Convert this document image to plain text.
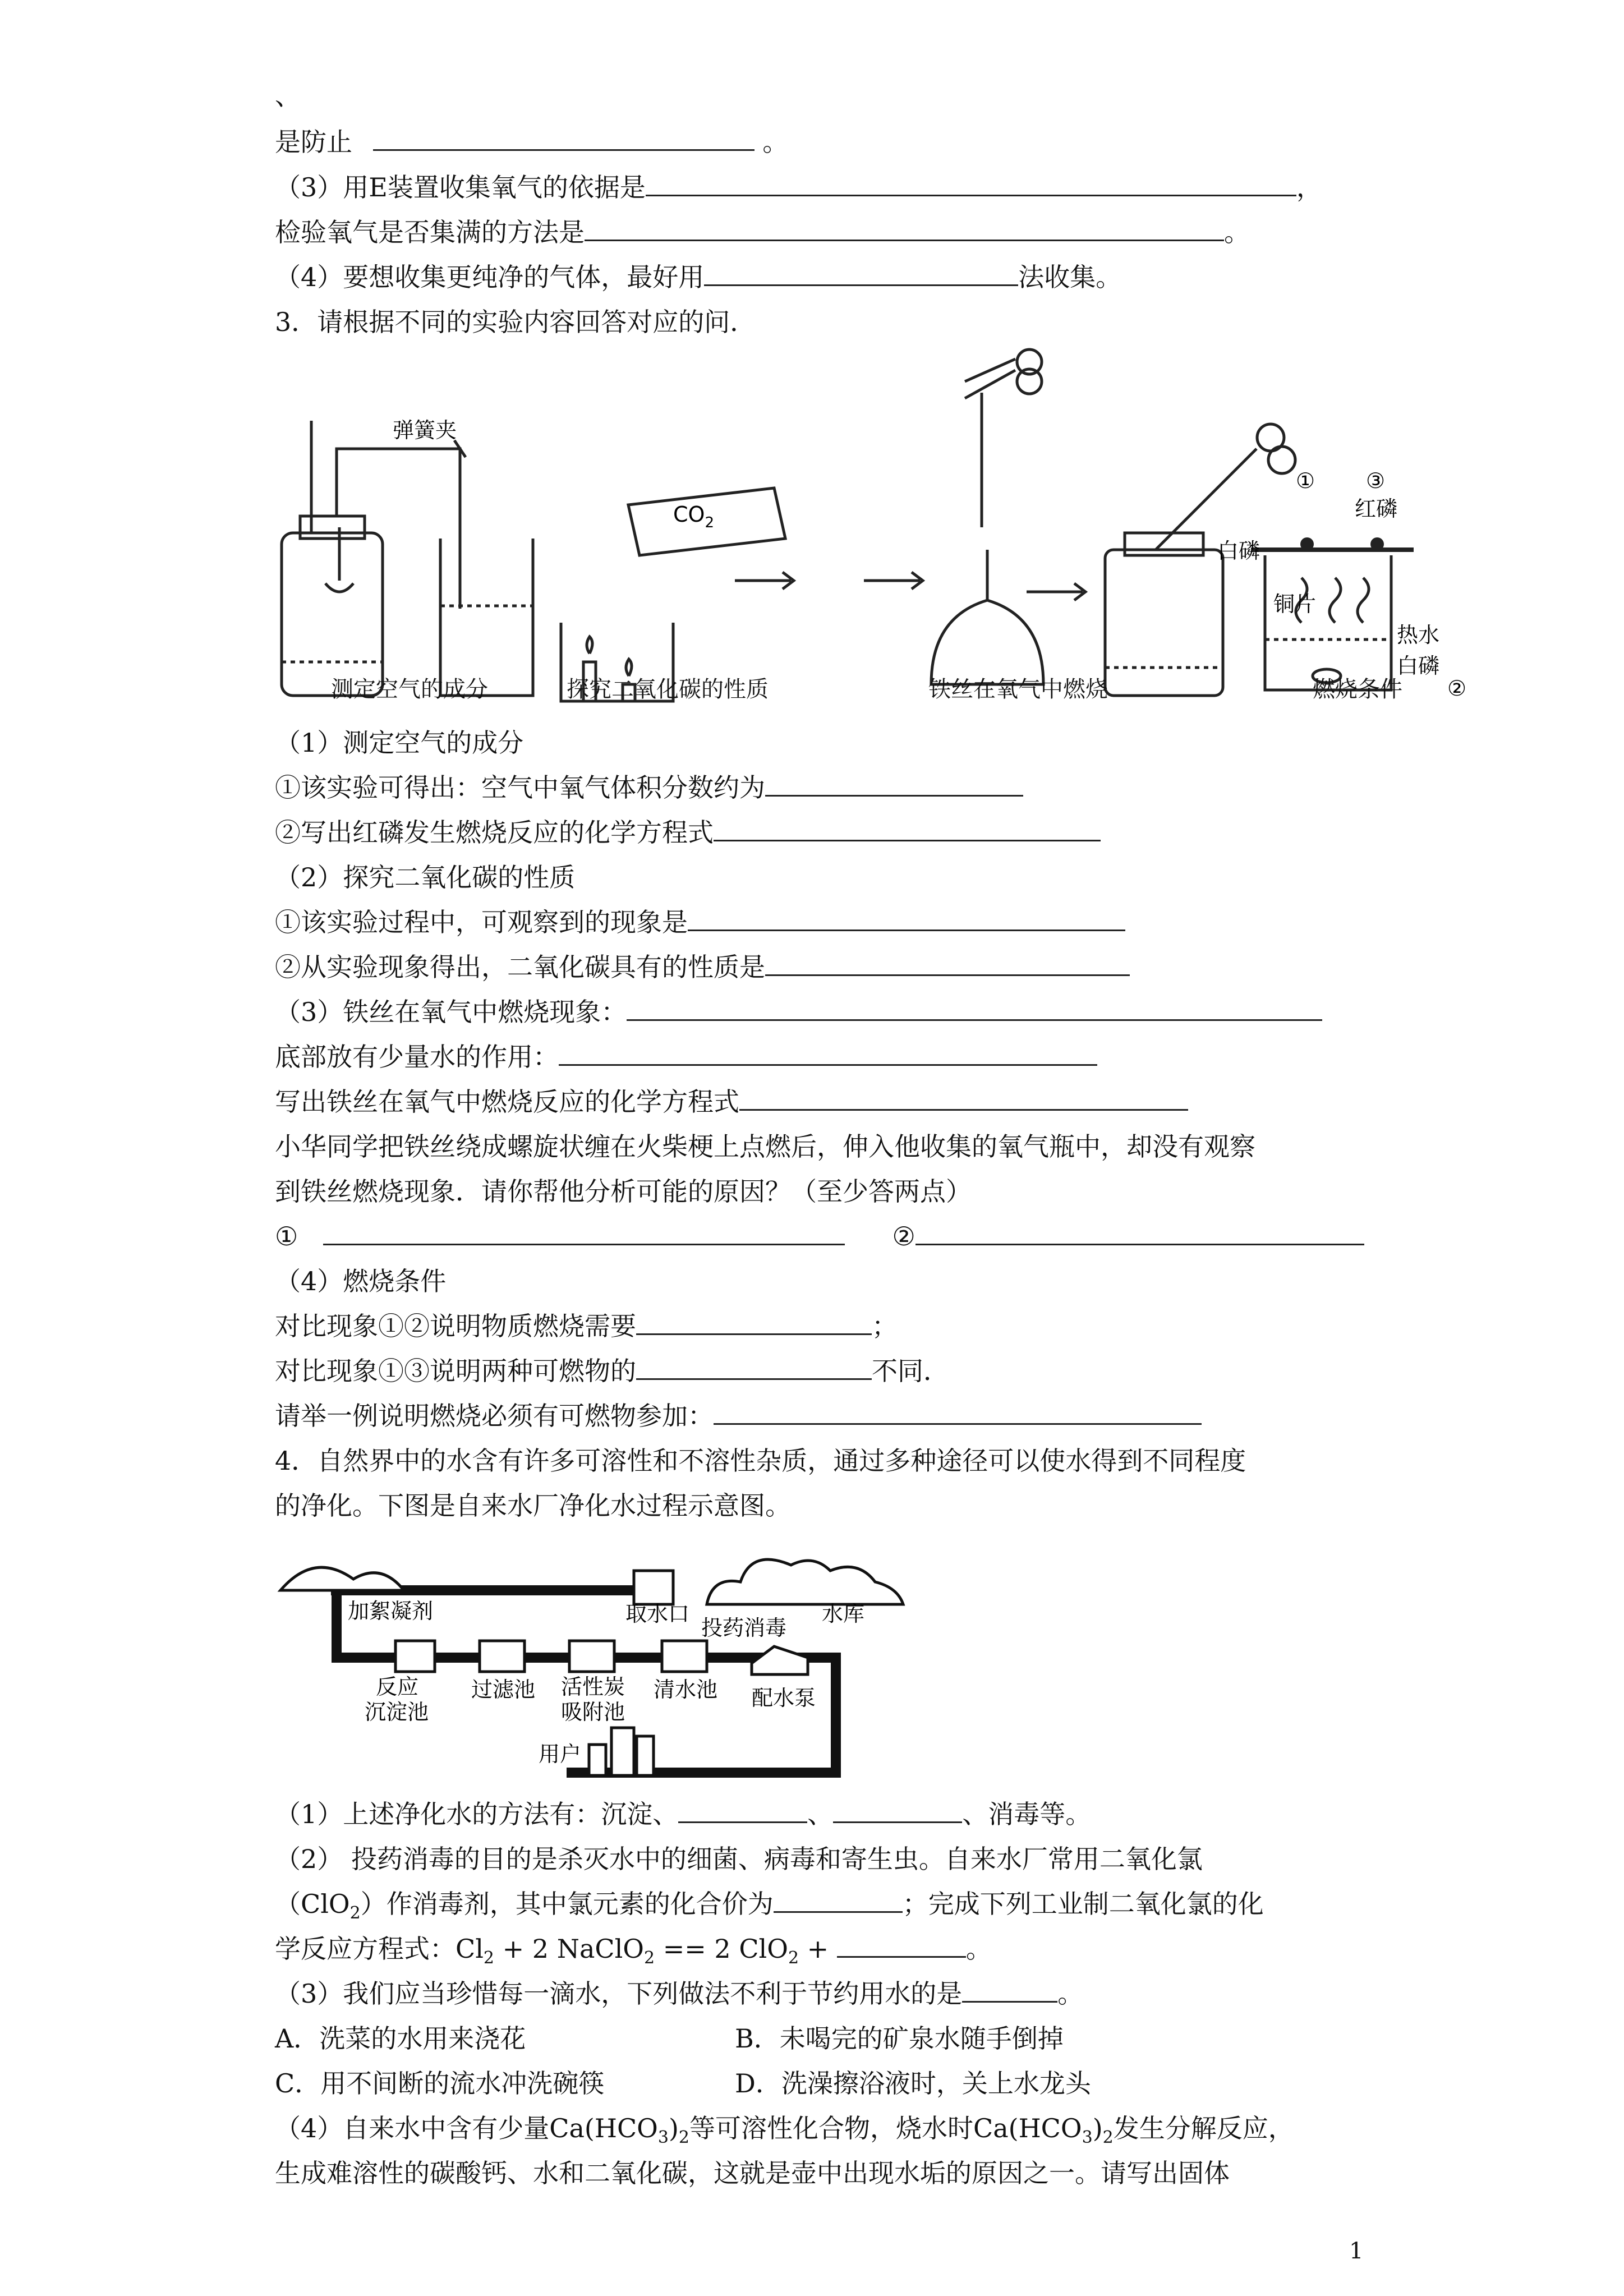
、
是防止	。
（3）用E装置收集氧气的依据是	，
检验氧气是否集满的方法是	。
（4）要想收集更纯净的气体，最好用	法收集。
3．请根据不同的实验内容回答对应的问．
弹簧夹
$CO_2$
① ③
红磷
白磷
铜片
热水
白磷
②
测定空气的成分	探究二氧化碳的性质	铁丝在氧气中燃烧	燃烧条件
（1）测定空气的成分
①该实验可得出：空气中氧气体积分数约为
②写出红磷发生燃烧反应的化学方程式
（2）探究二氧化碳的性质
①该实验过程中，可观察到的现象是
②从实验现象得出，二氧化碳具有的性质是
（3）铁丝在氧气中燃烧现象：
底部放有少量水的作用：
写出铁丝在氧气中燃烧反应的化学方程式
小华同学把铁丝绕成螺旋状缠在火柴梗上点燃后，伸入他收集的氧气瓶中，却没有观察
到铁丝燃烧现象．请你帮他分析可能的原因？（至少答两点）
①	②
（4）燃烧条件
对比现象①②说明物质燃烧需要	；
对比现象①③说明两种可燃物的	不同．
请举一例说明燃烧必须有可燃物参加：
4．自然界中的水含有许多可溶性和不溶性杂质，通过多种途径可以使水得到不同程度
的净化。下图是自来水厂净化水过程示意图。
加絮凝剂	取水口	水库
投药消毒
反应
沉淀池
过滤池 活性炭
吸附池
清水池 配水泵
用户
（1）上述净化水的方法有：沉淀、	、	、消毒等。
（2） 投药消毒的目的是杀灭水中的细菌、病毒和寄生虫。自来水厂常用二氧化氯
（ClO$_2$）作消毒剂，其中氯元素的化合价为	；完成下列工业制二氧化氯的化
学反应方程式：$Cl_2 + 2$ NaClO$_2$ == 2 ClO$_2$ +	。
（3）我们应当珍惜每一滴水，下列做法不利于节约用水的是	。
A．洗菜的水用来浇花	B．未喝完的矿泉水随手倒掉
C．用不间断的流水冲洗碗筷	D．洗澡擦浴液时，关上水龙头
（4）自来水中含有少量$Ca(HCO_3)_2$等可溶性化合物，烧水时$Ca(HCO_3)_2$发生分解反应，
生成难溶性的碳酸钙、水和二氧化碳，这就是壶中出现水垢的原因之一。请写出固体
1
